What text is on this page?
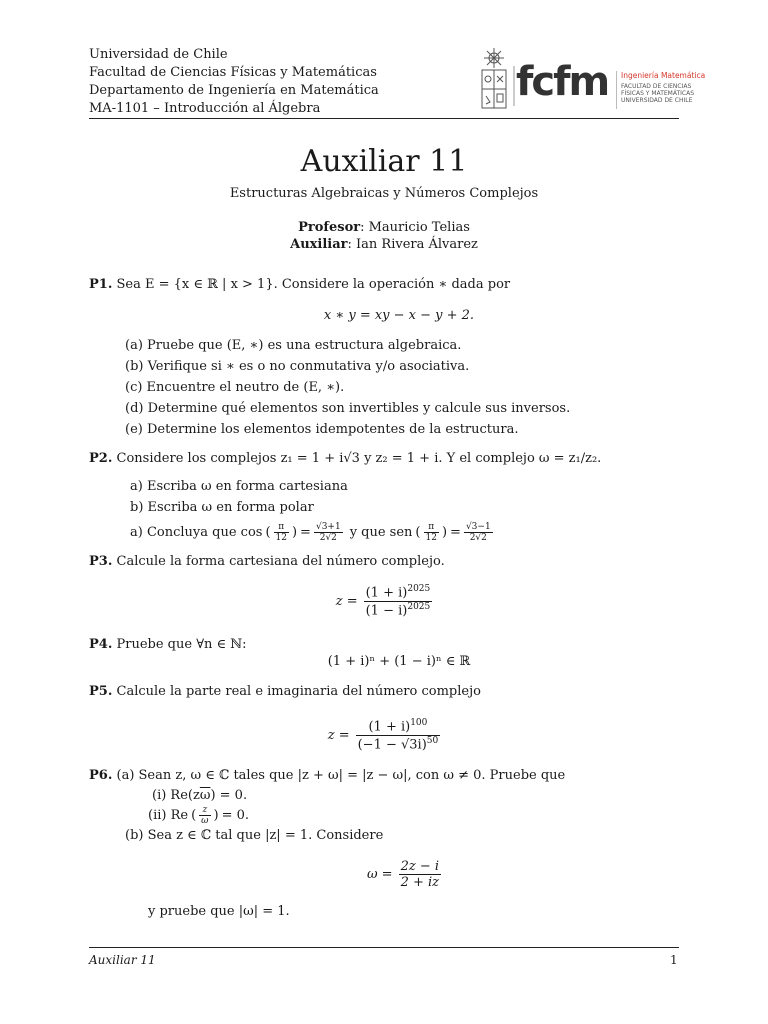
Universidad de Chile
Facultad de Ciencias Físicas y Matemáticas
Departamento de Ingeniería en Matemática
MA-1101 – Introducción al Álgebra
fcfm Ingeniería Matemática
FACULTAD DE CIENCIAS
FÍSICAS Y MATEMÁTICAS
UNIVERSIDAD DE CHILE
Auxiliar 11
Estructuras Algebraicas y Números Complejos
Profesor: Mauricio Telias
Auxiliar: Ian Rivera Álvarez
P1. Sea E = {x ∈ ℝ | x > 1}. Considere la operación ∗ dada por
x ∗ y = xy − x − y + 2.
(a) Pruebe que (E, ∗) es una estructura algebraica.
(b) Verifique si ∗ es o no conmutativa y/o asociativa.
(c) Encuentre el neutro de (E, ∗).
(d) Determine qué elementos son invertibles y calcule sus inversos.
(e) Determine los elementos idempotentes de la estructura.
P2. Considere los complejos z₁ = 1 + i√3 y z₂ = 1 + i. Y el complejo ω = z₁/z₂.
a) Escriba ω en forma cartesiana
b) Escriba ω en forma polar
a) Concluya que cos ( $\frac{\pi}{12}$ ) = $\frac{√3+1}{2√2}$ y que sen ( $\frac{\pi}{12}$ ) = $\frac{√3-1}{2√2}$
P3. Calcule la forma cartesiana del número complejo.
$z = \frac{(1 + i)^{2025}}{(1 - i)^{2025}}$
P4. Pruebe que ∀n ∈ ℕ:
(1 + i)ⁿ + (1 − i)ⁿ ∈ ℝ
P5. Calcule la parte real e imaginaria del número complejo
$z = \frac{(1 + i)^{100}}{(-1 - √3i)^{50}}$
P6. (a) Sean z, ω ∈ ℂ tales que |z + ω| = |z − ω|, con ω ≠ 0. Pruebe que
(i) $Re(z\overline{\omega}) = 0$.
(ii) Re ( $\frac{z}{\omega}$ ) = 0.
(b) Sea z ∈ ℂ tal que |z| = 1. Considere
$\omega = \frac{2z - i}{2 + iz}$
y pruebe que |ω| = 1.
Auxiliar 11	1
